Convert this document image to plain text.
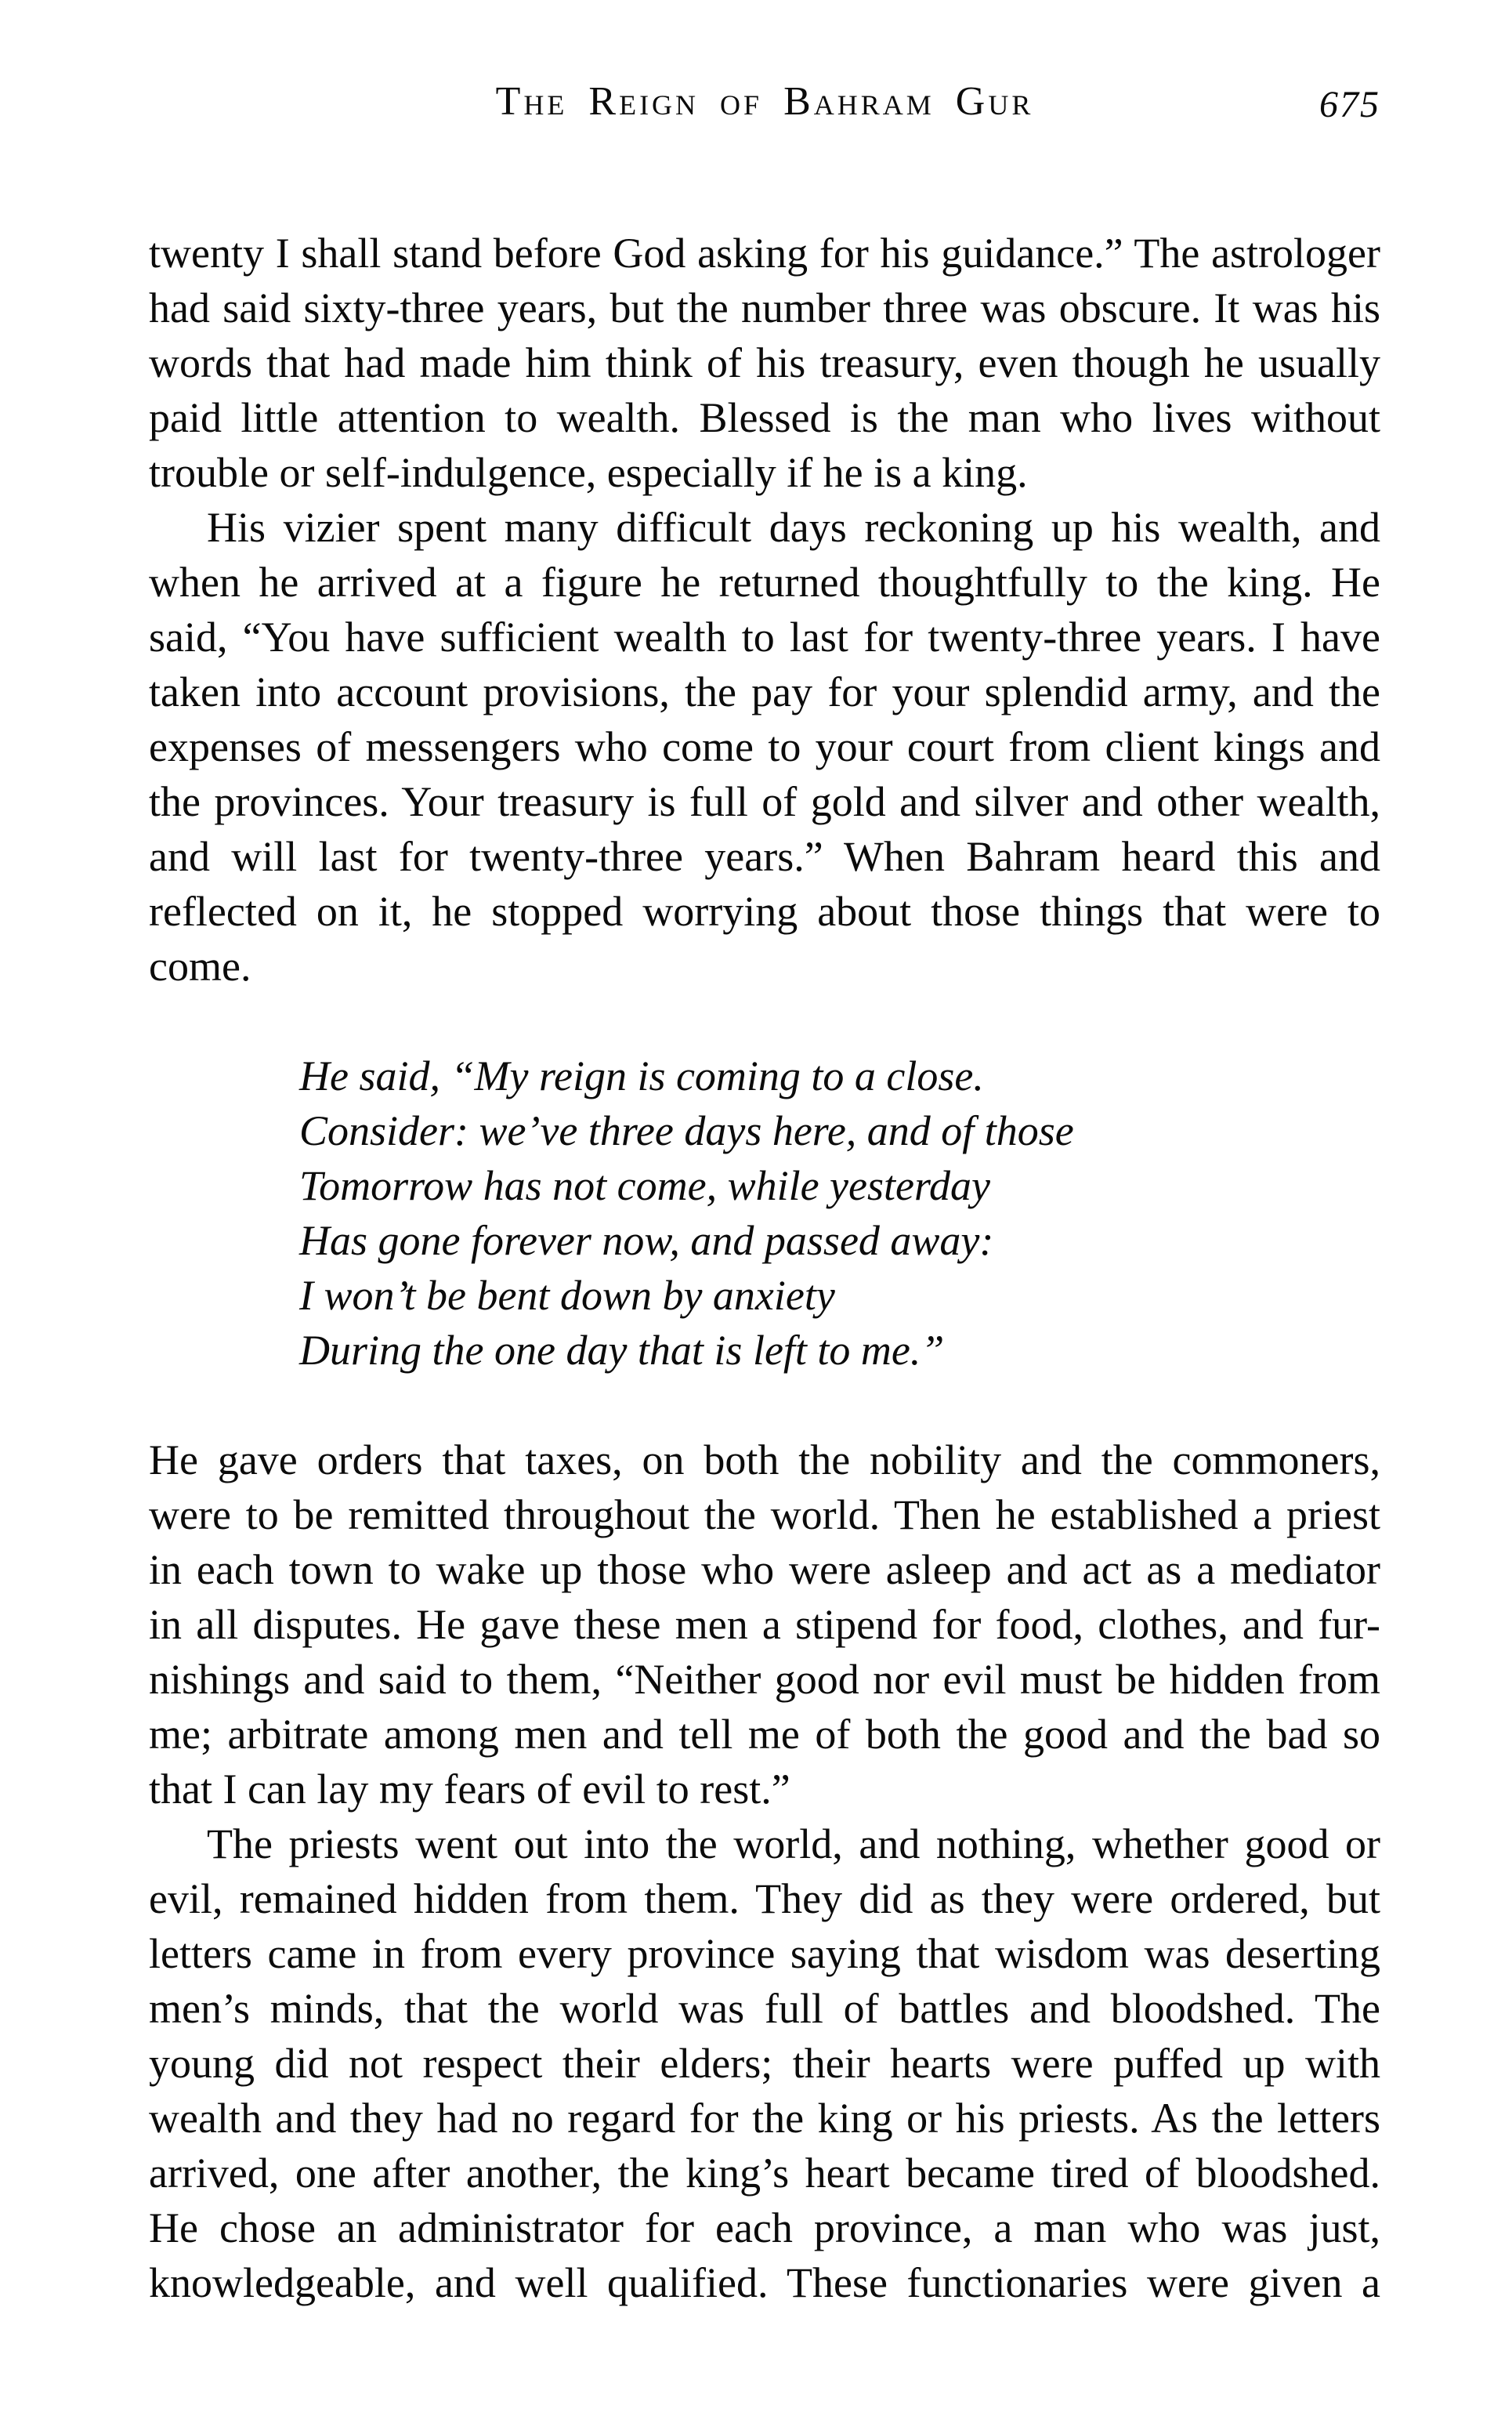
The Reign of Bahram Gur	675
twenty I shall stand before God asking for his guidance.” The astrologer
had said sixty-three years, but the number three was obscure. It was his
words that had made him think of his treasury, even though he usually
paid little attention to wealth. Blessed is the man who lives without
trouble or self-indulgence, especially if he is a king.
His vizier spent many difficult days reckoning up his wealth, and
when he arrived at a figure he returned thoughtfully to the king. He
said, “You have sufficient wealth to last for twenty-three years. I have
taken into account provisions, the pay for your splendid army, and the
expenses of messengers who come to your court from client kings and
the provinces. Your treasury is full of gold and silver and other wealth,
and will last for twenty-three years.” When Bahram heard this and
reflected on it, he stopped worrying about those things that were to
come.
He said, “My reign is coming to a close.
Consider: we’ve three days here, and of those
Tomorrow has not come, while yesterday
Has gone forever now, and passed away:
I won’t be bent down by anxiety
During the one day that is left to me.”
He gave orders that taxes, on both the nobility and the commoners,
were to be remitted throughout the world. Then he established a priest
in each town to wake up those who were asleep and act as a mediator
in all disputes. He gave these men a stipend for food, clothes, and fur-
nishings and said to them, “Neither good nor evil must be hidden from
me; arbitrate among men and tell me of both the good and the bad so
that I can lay my fears of evil to rest.”
The priests went out into the world, and nothing, whether good or
evil, remained hidden from them. They did as they were ordered, but
letters came in from every province saying that wisdom was deserting
men’s minds, that the world was full of battles and bloodshed. The
young did not respect their elders; their hearts were puffed up with
wealth and they had no regard for the king or his priests. As the letters
arrived, one after another, the king’s heart became tired of bloodshed.
He chose an administrator for each province, a man who was just,
knowledgeable, and well qualified. These functionaries were given a
